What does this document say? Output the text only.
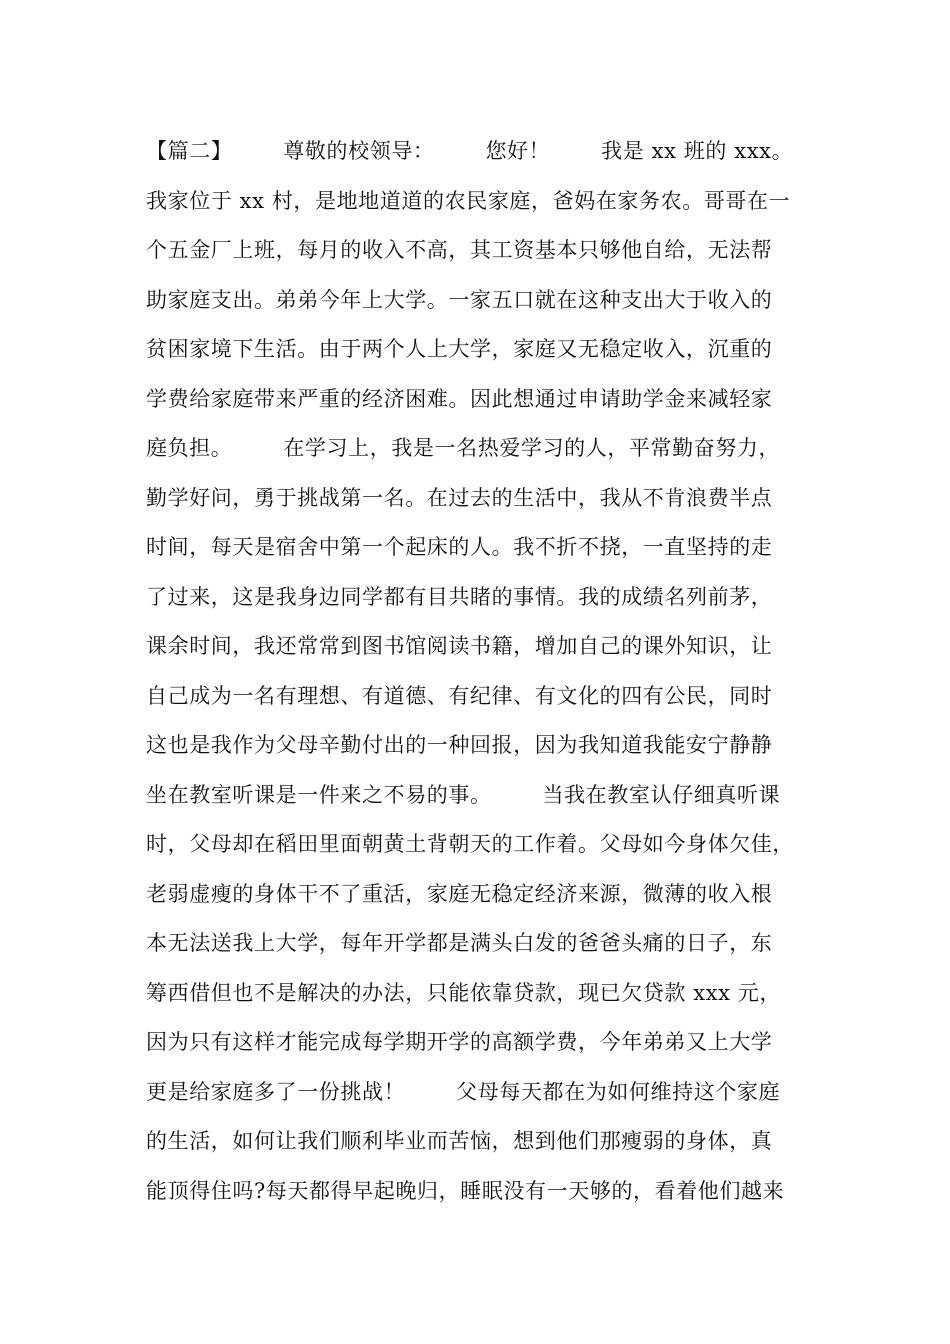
【篇二】       尊敬的校领导：       您好！       我是 xx 班的 xxx。
我家位于 xx 村，是地地道道的农民家庭，爸妈在家务农。哥哥在一
个五金厂上班，每月的收入不高，其工资基本只够他自给，无法帮
助家庭支出。弟弟今年上大学。一家五口就在这种支出大于收入的
贫困家境下生活。由于两个人上大学，家庭又无稳定收入，沉重的
学费给家庭带来严重的经济困难。因此想通过申请助学金来减轻家
庭负担。       在学习上，我是一名热爱学习的人，平常勤奋努力，
勤学好问，勇于挑战第一名。在过去的生活中，我从不肯浪费半点
时间，每天是宿舍中第一个起床的人。我不折不挠，一直坚持的走
了过来，这是我身边同学都有目共睹的事情。我的成绩名列前茅，
课余时间，我还常常到图书馆阅读书籍，增加自己的课外知识，让
自己成为一名有理想、有道德、有纪律、有文化的四有公民，同时
这也是我作为父母辛勤付出的一种回报，因为我知道我能安宁静静
坐在教室听课是一件来之不易的事。       当我在教室认仔细真听课
时，父母却在稻田里面朝黄土背朝天的工作着。父母如今身体欠佳，
老弱虚瘦的身体干不了重活，家庭无稳定经济来源，微薄的收入根
本无法送我上大学，每年开学都是满头白发的爸爸头痛的日子，东
筹西借但也不是解决的办法，只能依靠贷款，现已欠贷款 xxx 元，
因为只有这样才能完成每学期开学的高额学费，今年弟弟又上大学
更是给家庭多了一份挑战！       父母每天都在为如何维持这个家庭
的生活，如何让我们顺利毕业而苦恼，想到他们那瘦弱的身体，真
能顶得住吗?每天都得早起晚归，睡眠没有一天够的，看着他们越来
